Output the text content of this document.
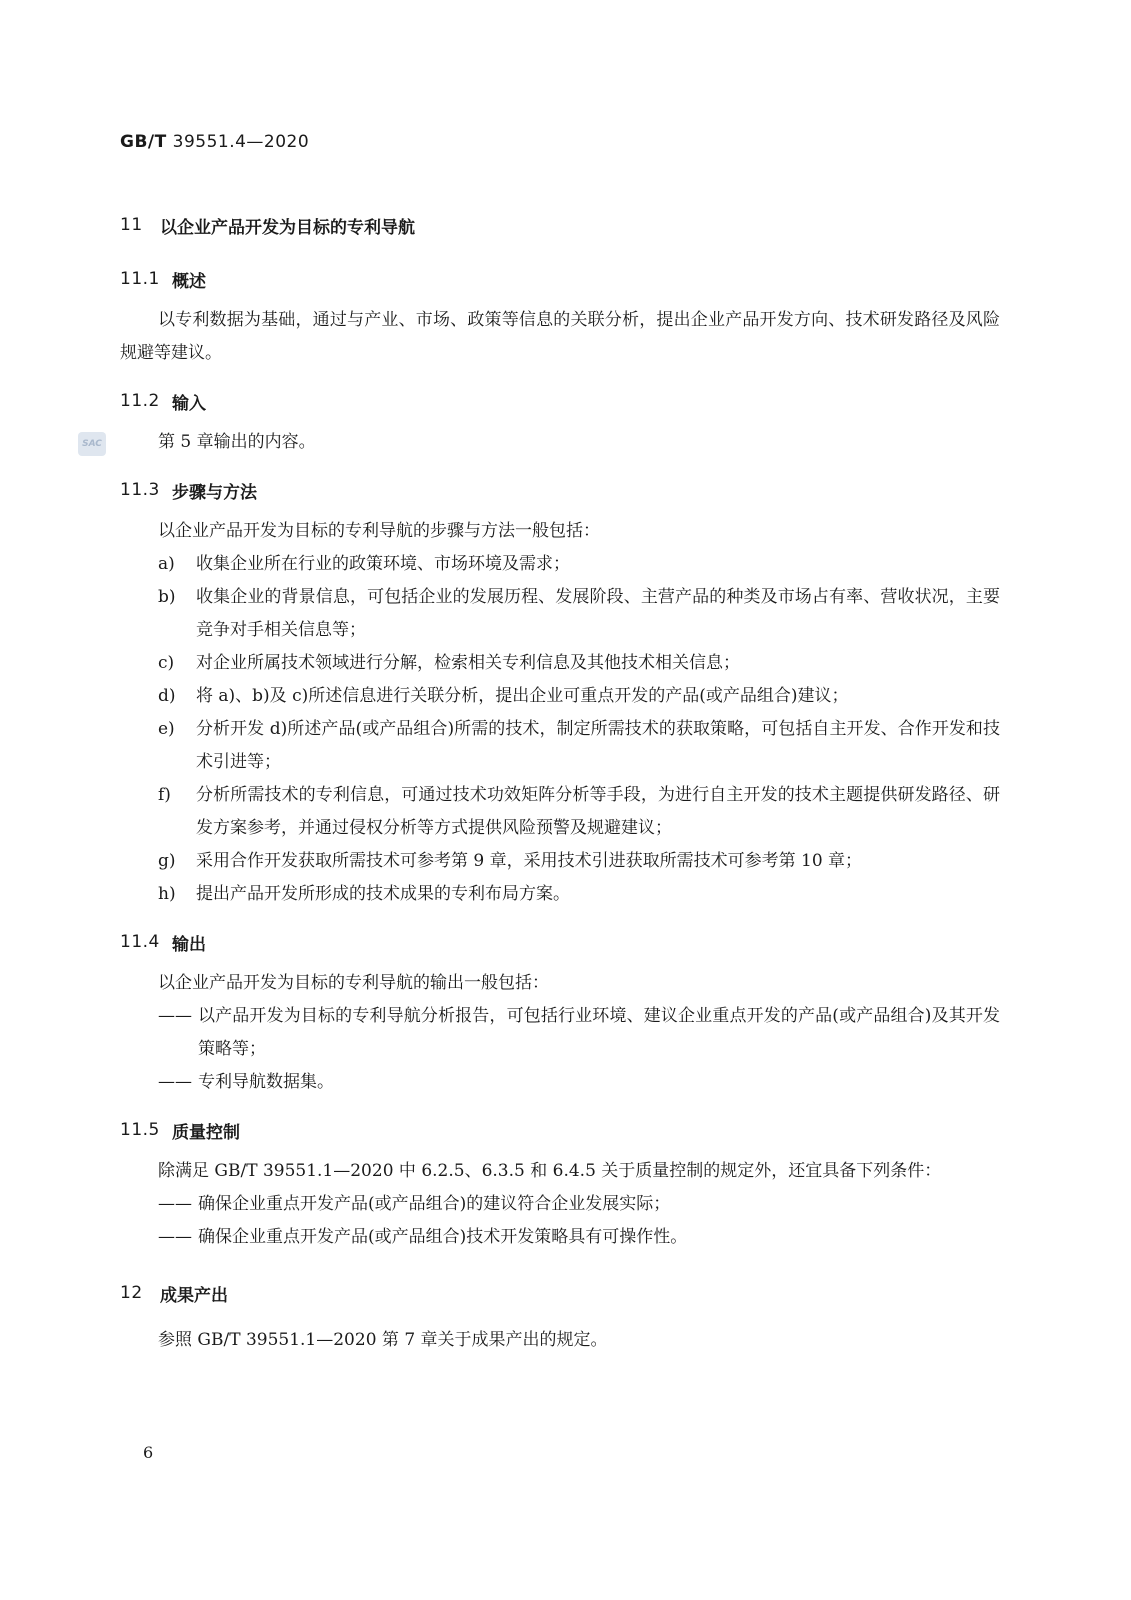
GB/T 39551.4—2020
SAC
11	以企业产品开发为目标的专利导航
11.1 概述

以专利数据为基础，通过与产业、市场、政策等信息的关联分析，提出企业产品开发方向、技术研发路径及风险规避等建议。

11.2 输入

第 5 章输出的内容。

11.3 步骤与方法

以企业产品开发为目标的专利导航的步骤与方法一般包括：

a)	收集企业所在行业的政策环境、市场环境及需求；
b)	收集企业的背景信息，可包括企业的发展历程、发展阶段、主营产品的种类及市场占有率、营收状况，主要竞争对手相关信息等；
c)	对企业所属技术领域进行分解，检索相关专利信息及其他技术相关信息；
d)	将 a)、b)及 c)所述信息进行关联分析，提出企业可重点开发的产品(或产品组合)建议；
e)	分析开发 d)所述产品(或产品组合)所需的技术，制定所需技术的获取策略，可包括自主开发、合作开发和技术引进等；
f)	分析所需技术的专利信息，可通过技术功效矩阵分析等手段，为进行自主开发的技术主题提供研发路径、研发方案参考，并通过侵权分析等方式提供风险预警及规避建议；
g)	采用合作开发获取所需技术可参考第 9 章，采用技术引进获取所需技术可参考第 10 章；
h)	提出产品开发所形成的技术成果的专利布局方案。
11.4 输出

以企业产品开发为目标的专利导航的输出一般包括：

—— 以产品开发为目标的专利导航分析报告，可包括行业环境、建议企业重点开发的产品(或产品组合)及其开发策略等；
—— 专利导航数据集。
11.5 质量控制

除满足 GB/T 39551.1—2020 中 6.2.5、6.3.5 和 6.4.5 关于质量控制的规定外，还宜具备下列条件：

—— 确保企业重点开发产品(或产品组合)的建议符合企业发展实际；
—— 确保企业重点开发产品(或产品组合)技术开发策略具有可操作性。
12	成果产出

参照 GB/T 39551.1—2020 第 7 章关于成果产出的规定。

6
